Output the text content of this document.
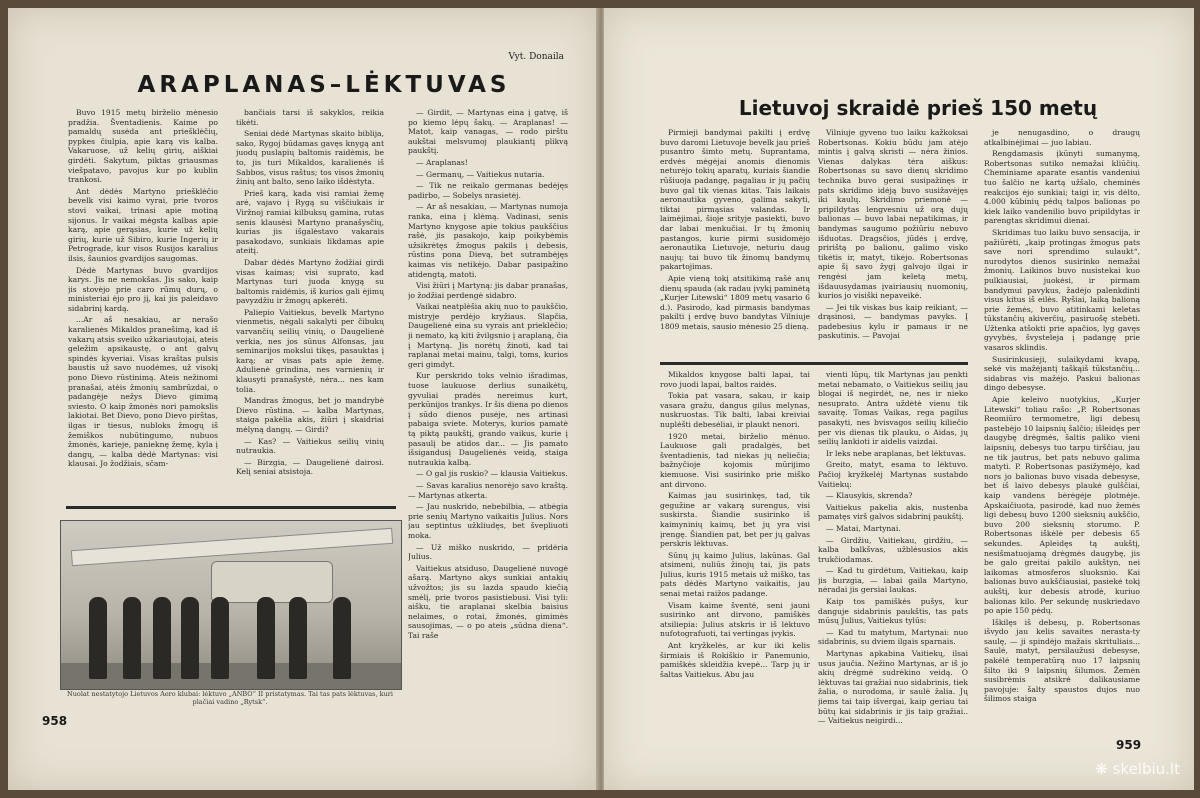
Vyt. Donaila
ARAPLANAS–LĖKTUVAS

Buvo 1915 metų birželio mėnesio pradžia. Šventadienis. Kaime po pamaldų susėda ant priešklėčių, pypkes čiulpia, apie karą vis kalba. Vakaruose, už kelių girių, aiškiai girdėti. Sakytum, piktas griausmas viešpatavo, pavojus kur po kublin trankosi.

Ant dėdės Martyno priešklėčio bevelk visi kaimo vyrai, prie tvoros stovi vaikai, trinasi apie motiną sijonus. Ir vaikai mėgsta kalbas apie karą, apie gerąsias, kurie už kelių girių, kurie už Sibiro, kurie Ingerių ir Petrograde, kur visos Rusijos karalius ilsis, šaunios gvardijos saugomas.

Dėdė Martynas buvo gvardijos karys. Jis ne nemokšas. Jis sako, kaip jis stovėjo prie caro rūmų durų, o ministeriai ėjo pro jį, kai jis paleidavo sidabrinį kardą.

...Ar aš nesakiau, ar nerašo karalienės Mikaldos pranešimą, kad iš vakarų atsis sveiko užkariautojai, ateis geležim apsikaustę, o ant galvų spindės kyveriai. Visas kraštas pulsis baustis už savo nuodėmes, už visokį pono Dievo rūstinimą. Ateis nežinomi pranašai, atėis žmonių sambrūzdai, o padangėje nežys Dievo gimimą sviesto. O kaip žmonės nori pamokslis lakiotai. Bet Dievo, pono Dievo pirštas, ilgas ir tiesus, nubloks žmogų iš žemiškos nubūtingumo, nubuos žmonės, karieje, panieknę žemę, kyla į dangų, — kalba dėdė Martynas: visi klausai. Jo žodžiais, sčam-

bančiais tarsi iš sakyklos, reikia tikėti.

Seniai dėdė Martynas skaito biblija, sako, Rygoj būdamas gavęs knygą ant juodų puslapių baltomis raidėmis, be to, jis turi Mikaldos, karalienės iš Sabbos, visus raštus; tos visos žmonių žinių ant balto, seno laiko išdėstyta.

Prieš karą, kada visi ramiai žemę arė, vajavo į Rygą su viščiukais ir Viržnoj ramiai kilbuksų gamina, rutas senis klausėsi Martyno pranašysčių, kurias jis išgalėstavo vakarais pasakodavo, sunkiais likdamas apie ateitį.

Dabar dėdės Martyno žodžiai girdi visas kaimas; visi suprato, kad Martynas turi juoda knygą su baltomis raidėmis, iš kurios gali ėjimų pavyzdžiu ir žmogų apkerėti.

Paliepio Vaitiekus, bevelk Martyno vienmetis, nėgali sakalyti per čibukų varvančių seilių vinių, o Daugelienė verkia, nes jos sūnus Alfonsas, jau seminarijos mokslui tikęs, pasauktas į karą; ar visas pats apie žemę. Adulienė grindina, nes varnienių ir klausyti pranašystė, nėra... nes kam tolia.

Mandras žmogus, bet jo mandrybė Dievo rūstina. — kalba Martynas, staiga pakėlia akis, žiūri į skaidriai mėlyną dangų. — Girdi?

— Kas? — Vaitiekus seilių vinių nutraukia.

— Birzgia, — Daugelienė dairosi. Kelį seniai atsistoja.

— Girdit, — Martynas eina į gatvę, iš po kiemo lėpų šakų. — Araplanas! — Matot, kaip vanagas, — rodo pirštu aukštai melsvumoj plaukiantį plikvą paukštį.

— Araplanas!

— Germanų, — Vaitiekus nutaria.

— Tik ne reikalo germanas bedėjęs padirbo, — Sobelys nrasietėj.

— Ar aš nesakiau, — Martynas numoja ranka, eina į klėmą. Vadinasi, senis Martyno knygose apie tokius paukščius rašė, jis pasakojo, kaip poikybėmis užsikrėtęs žmogus pakils į debesis, rūstins pona Dievą, bet sutrambėjęs kaimas vis netikėjo. Dabar pasipažino atidengtą, matoti.

Visi žiūri į Martyną: jis dabar pranašas, jo žodžiai perdengė sidabro.

Vaikai neatplėšia akių nuo to paukščio, mistryje perdėjo kryžiaus. Slapčia, Daugelienė eina su vyrais ant prieklėčio; ji nemato, ką kiti žvilgsnio į araplaną, čia į Martyną. Jis norėtų žinoti, kad tai raplanai metai mainu, talgi, toms, kurios geri gimdyt.

Kur perskrido toks velnio išradimas, tuose laukuose derlius sunaikėtų, gyvuliai pradės nereimus kurt, perkūnijos trankys. Ir šis diena po dienos į sūdo dienos pusėje, nes artinasi pabaiga sviete. Moterys, kurios pamatė tą piktą paukštį, grando vaikus, kurie į pasaulį be atidos dar... — Jis pamato išsigandusį Daugelienės veidą, staiga nutraukia kalbą.

— O gal jis ruskio? — klausia Vaitiekus.

— Savas karalius nenorėjo savo kraštą. — Martynas atkerta.

— Jau nuskrido, nebebilbia, — atbėgia prie senių Martyno vaikaitis Julius. Nors jau septintus užkliudęs, bet švepliuoti moka.

— Už miško nuskrido, — pridėria Julius.

Vaitiekus atsiduso, Daugelienė nuvogė ašarą. Martyno akys sunkiai antakių užvožtos; jis su lazda spaudo kiečią smėlį, prie tvoros pasistiebusi. Visi tyli: aišku, tie araplanai skelbia baisius nelaimes, o rotai, žmonės, gimimės sausojimas, — o po ateis „sūdna diena“. Tai raše

Nuolat nestatytojo Lietuvos Aero klubai: lėktuvo „ANBO“ II pristatymas. Tai tas pats lėktuvas, kuri plačiai vadino „Rytsk“.
958
Lietuvoj skraidė prieš 150 metų

Pirmieji bandymai pakilti į erdvę buvo daromi Lietuvoje bevelk jau prieš pusantro šimto metų. Suprantama, erdvės mėgėjai anomis dienomis neturėjo tokių aparatų, kuriais šiandie rūšiuoja padangę, pagaliau ir jų pačių buvo gal tik vienas kitas. Tais laikais aeronautika gyveno, galima sakyti, tiktai pirmąsias valandas. Ir laimėjimai, šioje srityje pasiekti, buvo dar labai menkučiai. Ir tų žmonių pastangos, kurie pirmi susidomėjo aeronautika Lietuvoje, neturiu daug naujų: tai buvo tik žinomų bandymų pakartojimas.

Apie vieną tokį atsitikimą rašė anų dienų spauda (ak radau įvykį paminėtą „Kurjer Litewski“ 1809 metų vasario 6 d.). Pasirodo, kad pirmasis bandymas pakilti į erdvę buvo bandytas Vilniuje 1809 metais, sausio mėnesio 25 dieną.

Vilniuje gyveno tuo laiku kažkoksai Robertsonas. Kokiu būdu jam atėjo mintis į galvą skristi — nėra žinios. Vienas dalykas tėra aiškus: Robertsonas su savo dienų skridimo technika buvo gerai susipažinęs ir pats skridimo idėją buvo susižavėjęs iki kaulų. Skridimo priemonė — pripildytas lengvesniu už orą dujų balionas — buvo labai nepatikimas, ir bandymas saugumo požiūriu nebuvo išduotas. Dragsčios, jūdės į erdvę, pririštą po balionu, galimo visko tikėtis ir, matyt, tikėjo. Robertsonas apie šį savo žygį galvojo ilgai ir rengėsi jam keletą metų, išdauusydamas įvairiausių nuomonių, kurios jo visiški nepaveikė.

— Jei tik viskas bus kaip reikiant, — drąsinosi, — bandymas pavyks. Į padebesius kylu ir pamaus ir ne paskutinis. — Pavojai

je nenugasdino, o draugų atkalbinėjimai — juo labiau.

Rengdamasis įkūnyti sumanymą, Robertsonas sutiko nemažai kliūčių. Cheminiame aparate esantis vandeniui tuo šalčio ne kartą užšalo, cheminės reakcijos ėjo sunkiai; taigi ir, vis dėlto, 4.000 kūbinių pėdų talpos balionas po kiek laiko vandenilio buvo pripildytas ir parengtas skridimui dienai.

Skridimas tuo laiku buvo sensacija, ir pažiūrėti, „kaip protingas žmogus pats save nori sprendimo sulaukt“, nurodytos dienos susirinko nemažai žmonių. Laikinos buvo nusistekai kuo pulkiausiai, juokėsi, ir pirmam bandymui pavykus, žadėjo palenkdinti visus kitus iš eilės. Ryšiai, laiką balioną prie žemės, buvo atitinkami keletas tūkstančių akiverčių, pasiruošę stebėti. Užtenka atšokti prie apačios, lyg gavęs gyvybės, švysteleja į padangę prie vasaros sklindis.

Susirinkusieji, sulaikydami kvapą, sekė vis mažėjantį taškąiš tūkstančių... sidabras vis mažėjo. Paskui balionas dingo debesyse.

Apie keleivo nuotykius, „Kurjer Litewski“ toliau rašo: „P. Robertsonas Reomiūro termometre, ligi debesų pastebėjo 10 laipsnių šalčio; išleidęs per daugybę drėgmės, šaltis paliko vieni laipsnių, debesys tuo tarpu tirščiau, jau ne tik jautrus, bet pats nebuvo galima matyti. P. Robertsonas pasižymėjo, kad nors jo balionas buvo visada debesyse, bet iš laivo debesys plaukė gulščiai, kaip vandens bėrėgėje plotmėje. Apskaičiuota, pasirodė, kad nuo žemės ligi debesų buvo 1200 sieksnių aukščio, buvo 200 sieksnių storumo. P. Robertsonas iškėlė per debesis 65 sekundes. Apleidęs tą aukštį, nesišmatuojamą drėgmės daugybę, jis be galo greitai pakilo aukštyn, nei laikomas atmosferos sluoksnio. Kai balionas buvo aukščiausiai, pasiekė tokį aukštį, kur debesis atrodė, kuriuo balionas kilo. Per sekundę nuskriedavo po apie 150 pėdų.

Iškilęs iš debesų, p. Robertsonas išvydo jau kelis savaites nerasta-ty saulę, — ji spindėjo mažais skrituliais... Saulė, matyt, persilaužusi debesyse, pakėlė temperatūrą nuo 17 laipsnių šilto iki 9 laipsnių šilumos. Žemėn susibrėmis atsikrė dalikausiame pavojuje: šalty spaustos dujos nuo šilimos staiga

Mikaldos knygose balti lapai, tai rovo juodi lapai, baltos raidės.

Tokia pat vasara, sakau, ir kaip vasara gražu, dangus gilus melynas, nuskruostas. Tik balti, labai kreiviai nuplėšti debesėliai, ir plaukt nenori.

1920 metai, birželio mėnuo. Laukuose gali pradalgės, bet šventadienis, tad niekas jų neliečia; bažnyčioje kojomis mūrijimo kiemuose. Visi susirinko prie miško ant dirvono.

Kaimas jau susirinkęs, tad, tik gegužine ar vakarą surengus, visi suskirsta. Šiandie susirinko iš kaimyninių kaimų, bet jų yra visi įrengę. Šiandien pat, bet per jų galvas perskris lėktuvas.

Sūnų jų kaimo Julius, lakūnas. Gal atsimeni, nuliūs žinojų tai, jis pats Julius, kuris 1915 metais už miško, tas pats dėdės Martyno vaikaitis, jau senai metai raižos padange.

Visam kaime šventė, seni jauni susirinko ant dirvono, pamiškės atsiliepia: Julius atskris ir iš lėktuvo nufotografuoti, tai vertingas įvykis.

Ant kryžkelės, ar kur iki kelis širmiais iš Rokiškio ir Panemunio, pamiškės skleidžia kvepė... Tarp jų ir šaltas Vaitiekus. Abu jau

vienti lūpų, tik Martynas jau penkti metai nebamato, o Vaitiekus seilių jau blogai iš negirdėt, ne, nes ir nieko nesuprato. Antra uždėtė vienu tik savaitę. Tomas Vaikas, rega pagilus pasakyti, nes bvisvagos seilių kiliečio per vis dienas tik plauku, o Aidas, jų seilių lankioti ir aidelis vaizdai.

Ir leks nebe araplanas, bet lėktuvas.

Greito, matyt, esama to lėktuvo. Pačioj kryžkelėj Martynas sustabdo Vaitiekų:

— Klausykis, skrenda?

Vaitiekus pakelia akis, nustenba pamatęs virš galvos sidabrinį paukštį.

— Matai, Martynai.

— Girdžiu, Vaitiekau, girdžiu, — kalba balkšvas, užblėsusios akis trukčiodamas.

— Kad tu girdėtum, Vaitiekau, kaip jis burzgia, — labai gaila Martyno, nėradai jis gersiai laukas.

Kaip tos pamiškės pušys, kur danguje sidabrinis paukštis, tas pats mūsų Julius, Vaitiekus tylūs:

— Kad tu matytum, Martynai: nuo sidabrinis, su dviem ilgais sparnais.

Martynas apkabina Vaitiekų, ilsai usus jaučia. Nežino Martynas, ar iš jo akių drėgmė sudrėkino veidą. O lėktuvas tai gražiai nuo sidabrinis, tiek žalia, o nurodoma, ir saulė žalia. Jų jiems tai taip išvergai, kaip geriau tai būtų kai sidabrinis ir jis taip gražiai.. — Vaitiekus neigirdi...

959
❋ skelbiu.lt
